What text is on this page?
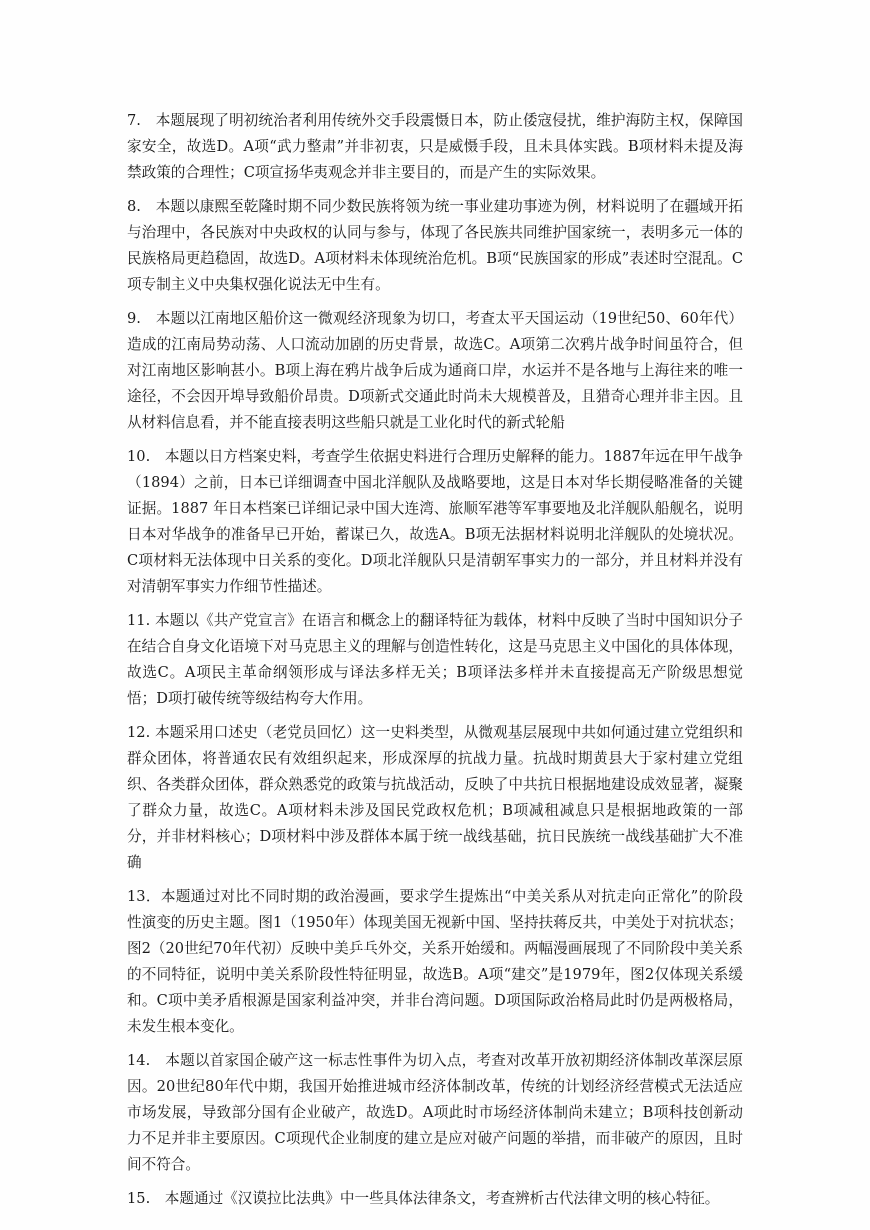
7.　本题展现了明初统治者利用传统外交手段震慑日本，防止倭寇侵扰，维护海防主权，保障国家安全，故选D。A项“武力整肃”并非初衷，只是威慑手段，且未具体实践。B项材料未提及海禁政策的合理性；C项宣扬华夷观念并非主要目的，而是产生的实际效果。

8.　本题以康熙至乾隆时期不同少数民族将领为统一事业建功事迹为例，材料说明了在疆域开拓与治理中，各民族对中央政权的认同与参与，体现了各民族共同维护国家统一，表明多元一体的民族格局更趋稳固，故选D。A项材料未体现统治危机。B项“民族国家的形成”表述时空混乱。C项专制主义中央集权强化说法无中生有。

9.　本题以江南地区船价这一微观经济现象为切口，考查太平天国运动（19世纪50、60年代）造成的江南局势动荡、人口流动加剧的历史背景，故选C。A项第二次鸦片战争时间虽符合，但对江南地区影响甚小。B项上海在鸦片战争后成为通商口岸，水运并不是各地与上海往来的唯一途径，不会因开埠导致船价昂贵。D项新式交通此时尚未大规模普及，且猎奇心理并非主因。且从材料信息看，并不能直接表明这些船只就是工业化时代的新式轮船

10.　本题以日方档案史料，考查学生依据史料进行合理历史解释的能力。1887年远在甲午战争（1894）之前，日本已详细调查中国北洋舰队及战略要地，这是日本对华长期侵略准备的关键证据。1887 年日本档案已详细记录中国大连湾、旅顺军港等军事要地及北洋舰队船舰名，说明日本对华战争的准备早已开始，蓄谋已久，故选A。B项无法据材料说明北洋舰队的处境状况。C项材料无法体现中日关系的变化。D项北洋舰队只是清朝军事实力的一部分，并且材料并没有对清朝军事实力作细节性描述。

11. 本题以《共产党宣言》在语言和概念上的翻译特征为载体，材料中反映了当时中国知识分子在结合自身文化语境下对马克思主义的理解与创造性转化，这是马克思主义中国化的具体体现，故选C。A项民主革命纲领形成与译法多样无关；B项译法多样并未直接提高无产阶级思想觉悟；D项打破传统等级结构夸大作用。

12. 本题采用口述史（老党员回忆）这一史料类型，从微观基层展现中共如何通过建立党组织和群众团体，将普通农民有效组织起来，形成深厚的抗战力量。抗战时期黄县大于家村建立党组织、各类群众团体，群众熟悉党的政策与抗战活动，反映了中共抗日根据地建设成效显著，凝聚了群众力量，故选C。A项材料未涉及国民党政权危机；B项减租减息只是根据地政策的一部分，并非材料核心；D项材料中涉及群体本属于统一战线基础，抗日民族统一战线基础扩大不准确

13．本题通过对比不同时期的政治漫画，要求学生提炼出“中美关系从对抗走向正常化”的阶段性演变的历史主题。图1（1950年）体现美国无视新中国、坚持扶蒋反共，中美处于对抗状态；图2（20世纪70年代初）反映中美乒乓外交，关系开始缓和。两幅漫画展现了不同阶段中美关系的不同特征，说明中美关系阶段性特征明显，故选B。A项“建交”是1979年，图2仅体现关系缓和。C项中美矛盾根源是国家利益冲突，并非台湾问题。D项国际政治格局此时仍是两极格局，未发生根本变化。

14.　本题以首家国企破产这一标志性事件为切入点，考查对改革开放初期经济体制改革深层原因。20世纪80年代中期，我国开始推进城市经济体制改革，传统的计划经济经营模式无法适应市场发展，导致部分国有企业破产，故选D。A项此时市场经济体制尚未建立；B项科技创新动力不足并非主要原因。C项现代企业制度的建立是应对破产问题的举措，而非破产的原因，且时间不符合。

15.　本题通过《汉谟拉比法典》中一些具体法律条文，考查辨析古代法律文明的核心特征。
